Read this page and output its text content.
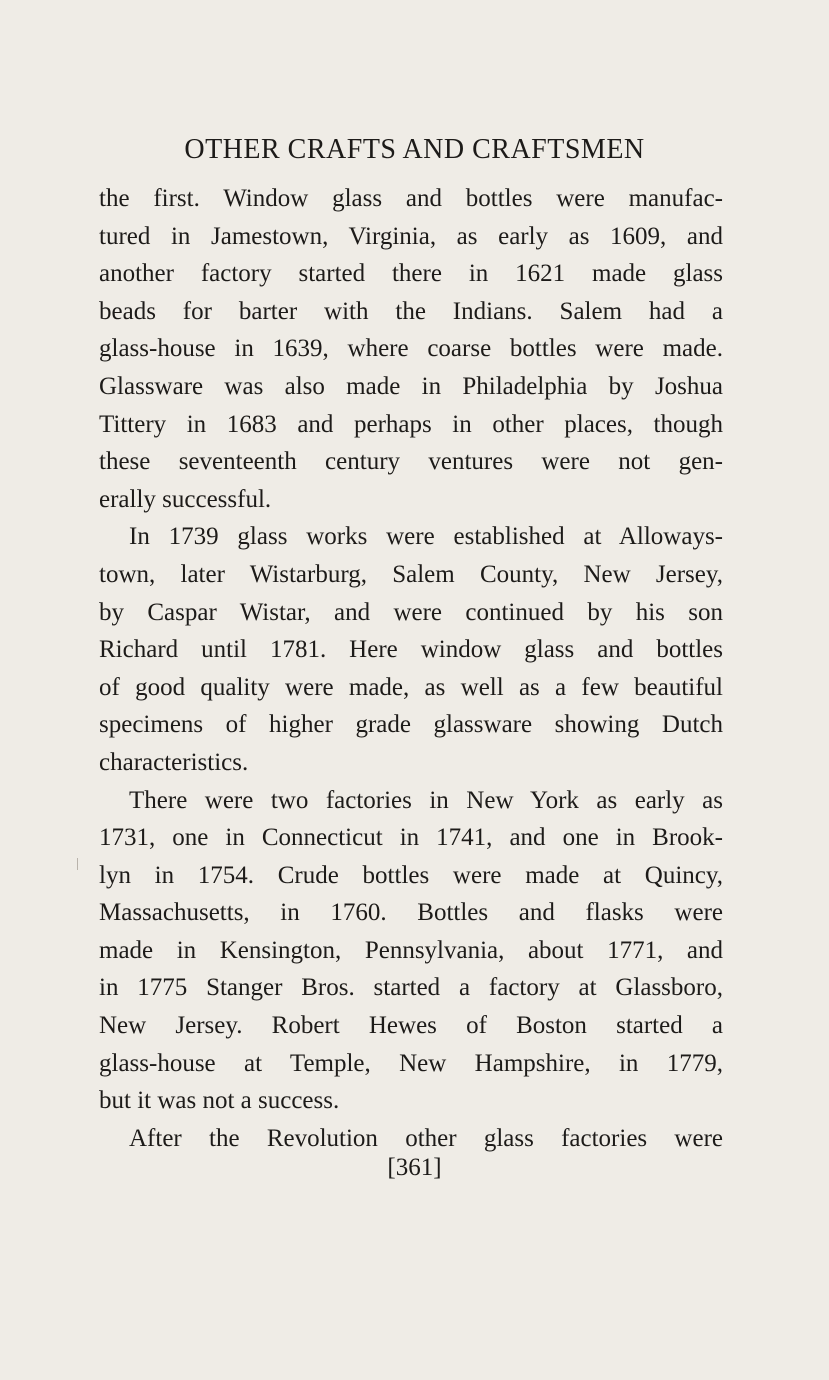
OTHER CRAFTS AND CRAFTSMEN
the first. Window glass and bottles were manufac-
tured in Jamestown, Virginia, as early as 1609, and
another factory started there in 1621 made glass
beads for barter with the Indians. Salem had a
glass-house in 1639, where coarse bottles were made.
Glassware was also made in Philadelphia by Joshua
Tittery in 1683 and perhaps in other places, though
these seventeenth century ventures were not gen-
erally successful.
In 1739 glass works were established at Alloways-
town, later Wistarburg, Salem County, New Jersey,
by Caspar Wistar, and were continued by his son
Richard until 1781. Here window glass and bottles
of good quality were made, as well as a few beautiful
specimens of higher grade glassware showing Dutch
characteristics.
There were two factories in New York as early as
1731, one in Connecticut in 1741, and one in Brook-
lyn in 1754. Crude bottles were made at Quincy,
Massachusetts, in 1760. Bottles and flasks were
made in Kensington, Pennsylvania, about 1771, and
in 1775 Stanger Bros. started a factory at Glassboro,
New Jersey. Robert Hewes of Boston started a
glass-house at Temple, New Hampshire, in 1779,
but it was not a success.
After the Revolution other glass factories were
[361]
